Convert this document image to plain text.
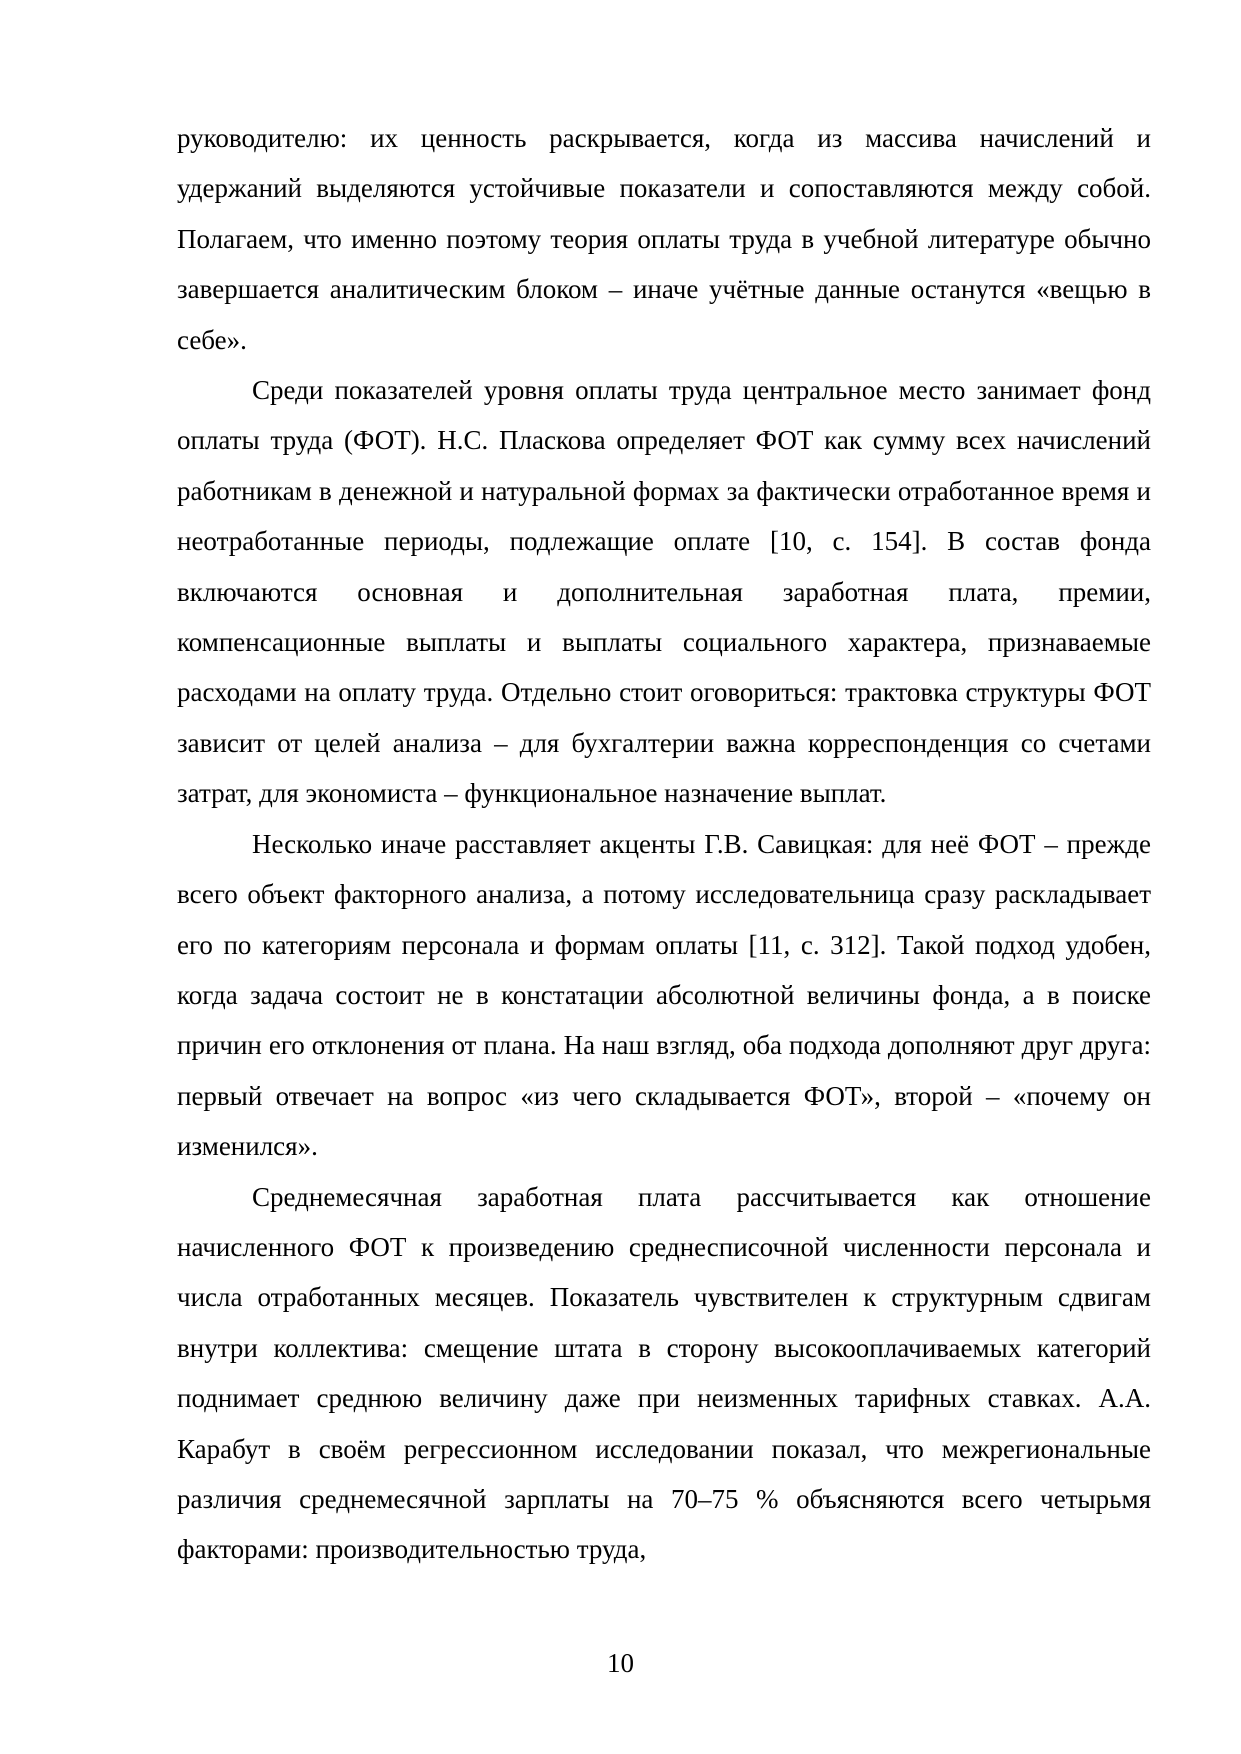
руководителю: их ценность раскрывается, когда из массива начислений и удержаний выделяются устойчивые показатели и сопоставляются между собой. Полагаем, что именно поэтому теория оплаты труда в учебной литературе обычно завершается аналитическим блоком – иначе учётные данные останутся «вещью в себе».

Среди показателей уровня оплаты труда центральное место занимает фонд оплаты труда (ФОТ). Н.С. Пласкова определяет ФОТ как сумму всех начислений работникам в денежной и натуральной формах за фактически отработанное время и неотработанные периоды, подлежащие оплате [10, с. 154]. В состав фонда включаются основная и дополнительная заработная плата, премии, компенсационные выплаты и выплаты социального характера, признаваемые расходами на оплату труда. Отдельно стоит оговориться: трактовка структуры ФОТ зависит от целей анализа – для бухгалтерии важна корреспонденция со счетами затрат, для экономиста – функциональное назначение выплат.

Несколько иначе расставляет акценты Г.В. Савицкая: для неё ФОТ – прежде всего объект факторного анализа, а потому исследовательница сразу раскладывает его по категориям персонала и формам оплаты [11, с. 312]. Такой подход удобен, когда задача состоит не в констатации абсолютной величины фонда, а в поиске причин его отклонения от плана. На наш взгляд, оба подхода дополняют друг друга: первый отвечает на вопрос «из чего складывается ФОТ», второй – «почему он изменился».

Среднемесячная заработная плата рассчитывается как отношение начисленного ФОТ к произведению среднесписочной численности персонала и числа отработанных месяцев. Показатель чувствителен к структурным сдвигам внутри коллектива: смещение штата в сторону высокооплачиваемых категорий поднимает среднюю величину даже при неизменных тарифных ставках. А.А. Карабут в своём регрессионном исследовании показал, что межрегиональные различия среднемесячной зарплаты на 70–75 % объясняются всего четырьмя факторами: производительностью труда,

10
